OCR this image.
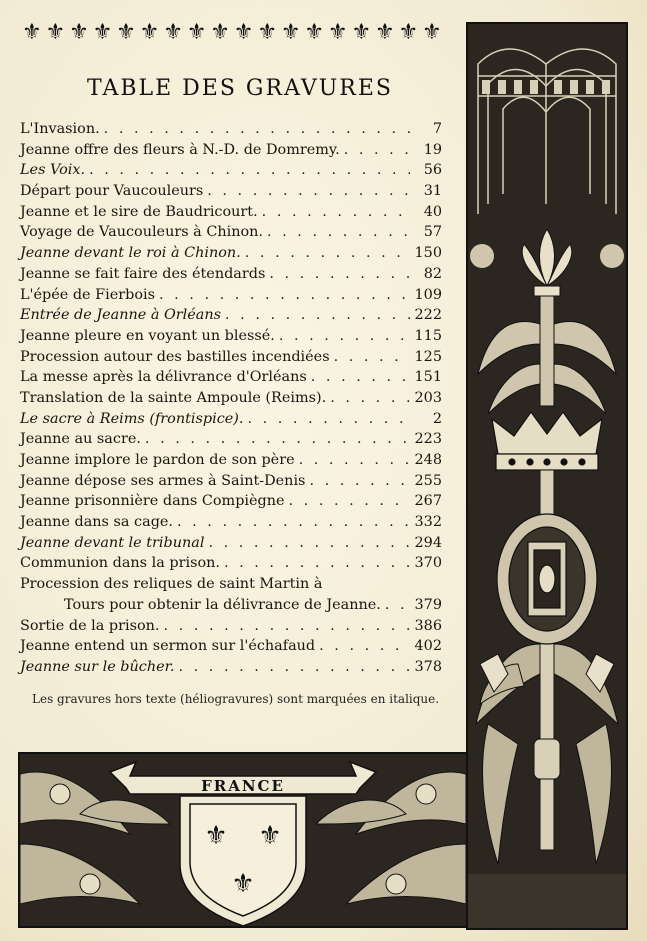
⚜ ⚜ ⚜ ⚜ ⚜ ⚜ ⚜ ⚜ ⚜ ⚜ ⚜ ⚜ ⚜ ⚜ ⚜ ⚜ ⚜ ⚜
TABLE DES GRAVURES
L'Invasion. . . .	7
Jeanne offre des fleurs à N.-D. de Domremy. . . .	19
Les Voix. . . .	56
Départ pour Vaucouleurs . . .	31
Jeanne et le sire de Baudricourt. . . .	40
Voyage de Vaucouleurs à Chinon. . . .	57
Jeanne devant le roi à Chinon. . . .	150
Jeanne se fait faire des étendards . . .	82
L'épée de Fierbois . . .	109
Entrée de Jeanne à Orléans . . .	222
Jeanne pleure en voyant un blessé. . . .	115
Procession autour des bastilles incendiées . . .	125
La messe après la délivrance d'Orléans . . .	151
Translation de la sainte Ampoule (Reims). . . .	203
Le sacre à Reims (frontispice). . . .	2
Jeanne au sacre. . . .	223
Jeanne implore le pardon de son père . . .	248
Jeanne dépose ses armes à Saint-Denis . . .	255
Jeanne prisonnière dans Compiègne . . .	267
Jeanne dans sa cage. . . .	332
Jeanne devant le tribunal . . .	294
Communion dans la prison. . . .	370
Procession des reliques de saint Martin à
Tours pour obtenir la délivrance de Jeanne. . . . 379
Sortie de la prison. . . .	386
Jeanne entend un sermon sur l'échafaud . . .	402
Jeanne sur le bûcher. . . .	378
Les gravures hors texte (héliogravures) sont marquées en italique.
FRANCE
⚜ ⚜
⚜
